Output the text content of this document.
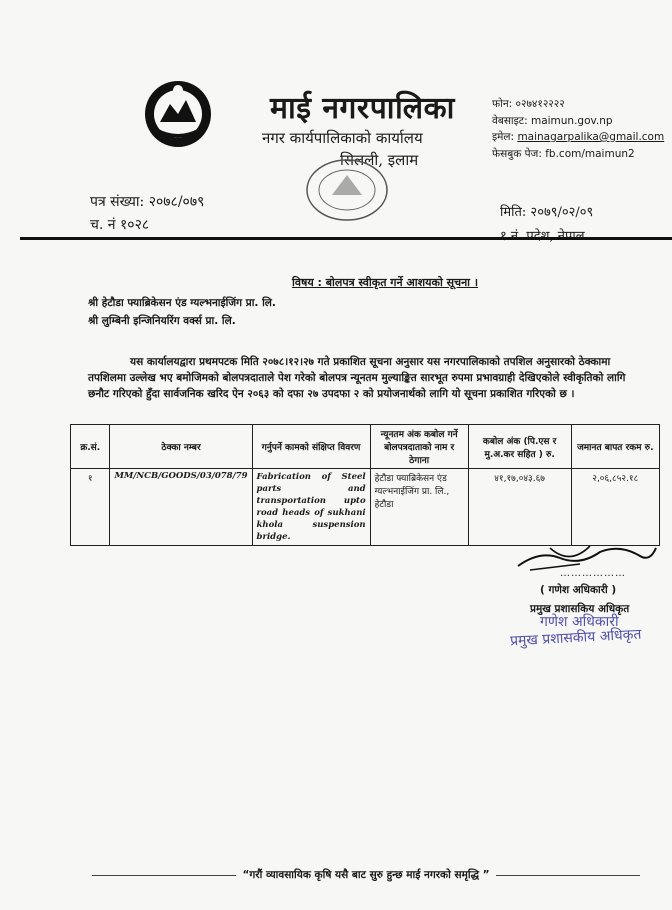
माई नगरपालिका
नगर कार्यपालिकाको कार्यालय
सिलली, इलाम
फोन: ०२७४१२२२२
वेबसाइट: maimun.gov.np
इमेल: mainagarpalika@gmail.com
फेसबुक पेज: fb.com/maimun2
पत्र संख्या: २०७८/०७९
च. नं १०२८
मिति: २०७९/०२/०९
विषय : बोलपत्र स्वीकृत गर्ने आशयको सूचना ।
श्री हेटौडा फ्याब्रिकेसन एंड ग्यल्भनाईजिंग प्रा. लि.
श्री लुम्बिनी इन्जिनियरिंग वर्क्स प्रा. लि.
यस कार्यालयद्वारा प्रथमपटक मिति २०७८।१२।२७ गते प्रकाशित सूचना अनुसार यस नगरपालिकाको तपशिल अनुसारको ठेक्कामा तपशिलमा उल्लेख भए बमोजिमको बोलपत्रदाताले पेश गरेको बोलपत्र न्यूनतम मुल्याङ्कित सारभूत रुपमा प्रभावग्राही देखिएकोले स्वीकृतिको लागि छनौट गरिएको हुँदा सार्वजनिक खरिद ऐन २०६३ को दफा २७ उपदफा २ को प्रयोजनार्थको लागि यो सूचना प्रकाशित गरिएको छ ।
क्र.सं.	ठेक्का नम्बर	गर्नुपर्ने कामको संक्षिप्त विवरण	न्यूनतम अंक कबोल गर्ने बोलपत्रदाताको नाम र ठेगाना	कबोल अंक (पि.एस र मु.अ.कर सहित ) रु.	जमानत बापत रकम रु.
१	MM/NCB/GOODS/03/078/79	Fabrication of Steel parts and transportation upto road heads of sukhani khola suspension bridge.	हेटौडा फ्याब्रिकेसन एंड ग्यल्भनाईजिंग प्रा. लि., हेटौडा	४१,१७,०४३.६७	२,०६,८५२.१८
………………
( गणेश अधिकारी )
प्रमुख प्रशासकिय अधिकृत
गणेश अधिकारी
प्रमुख प्रशासकीय अधिकृत
“गरौं व्यावसायिक कृषि यसै बाट सुरु हुन्छ माई नगरको समृद्धि ”
